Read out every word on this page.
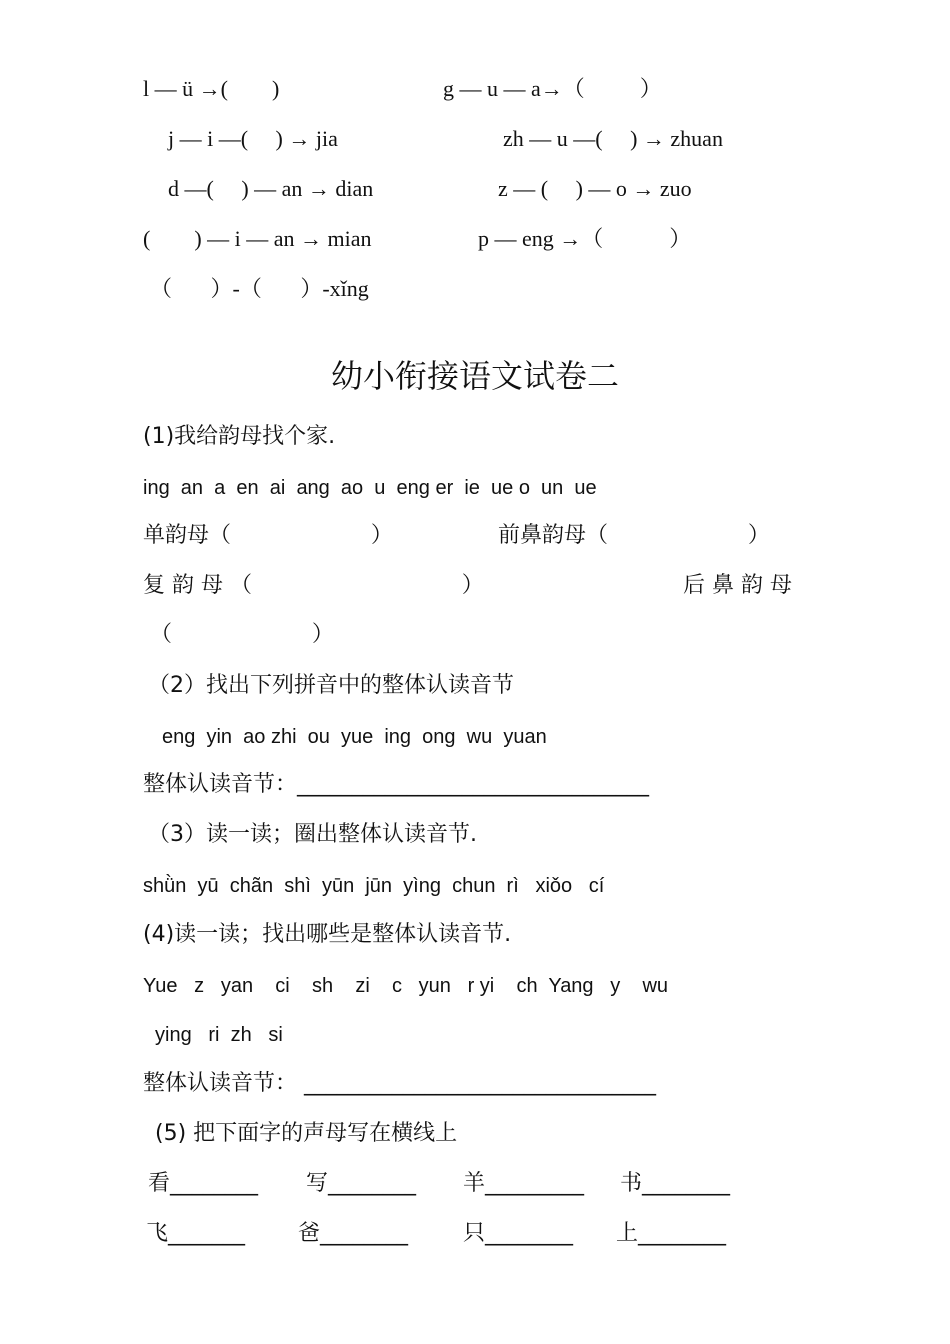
l — ü →(        )	g — u — a→（          ）
j — i —(     ) → jia	zh — u —(     ) → zhuan
d —(     ) — an → dian	z — (     ) — o → zuo
(        ) — i — an → mian	p — eng →（            ）
（       ）-（       ）-xǐng
幼小衔接语文试卷二
(1)我给韵母找个家.
ing  an  a  en  ai  ang  ao  u  eng er  ie  ue o  un  ue
单韵母（                    ）	前鼻韵母（                    ）
复 韵 母 （                              ）	后 鼻 韵 母
（                    ）
（2）找出下列拼音中的整体认读音节
eng  yin  ao zhi  ou  yue  ing  ong  wu  yuan
整体认读音节：________________________________
（3）读一读；圈出整体认读音节.
shǜn  yū  chãn  shì  yūn  jūn  yìng  chun  rì   xiǒo   cí
(4)读一读；找出哪些是整体认读音节.
Yue   z   yan    ci    sh    zi    c   yun   r yi    ch  Yang   y    wu
ying   ri  zh   si
整体认读音节： ________________________________
(5) 把下面字的声母写在横线上
看________ 写________ 羊_________ 书________
飞_______ 爸________ 只________ 上________
